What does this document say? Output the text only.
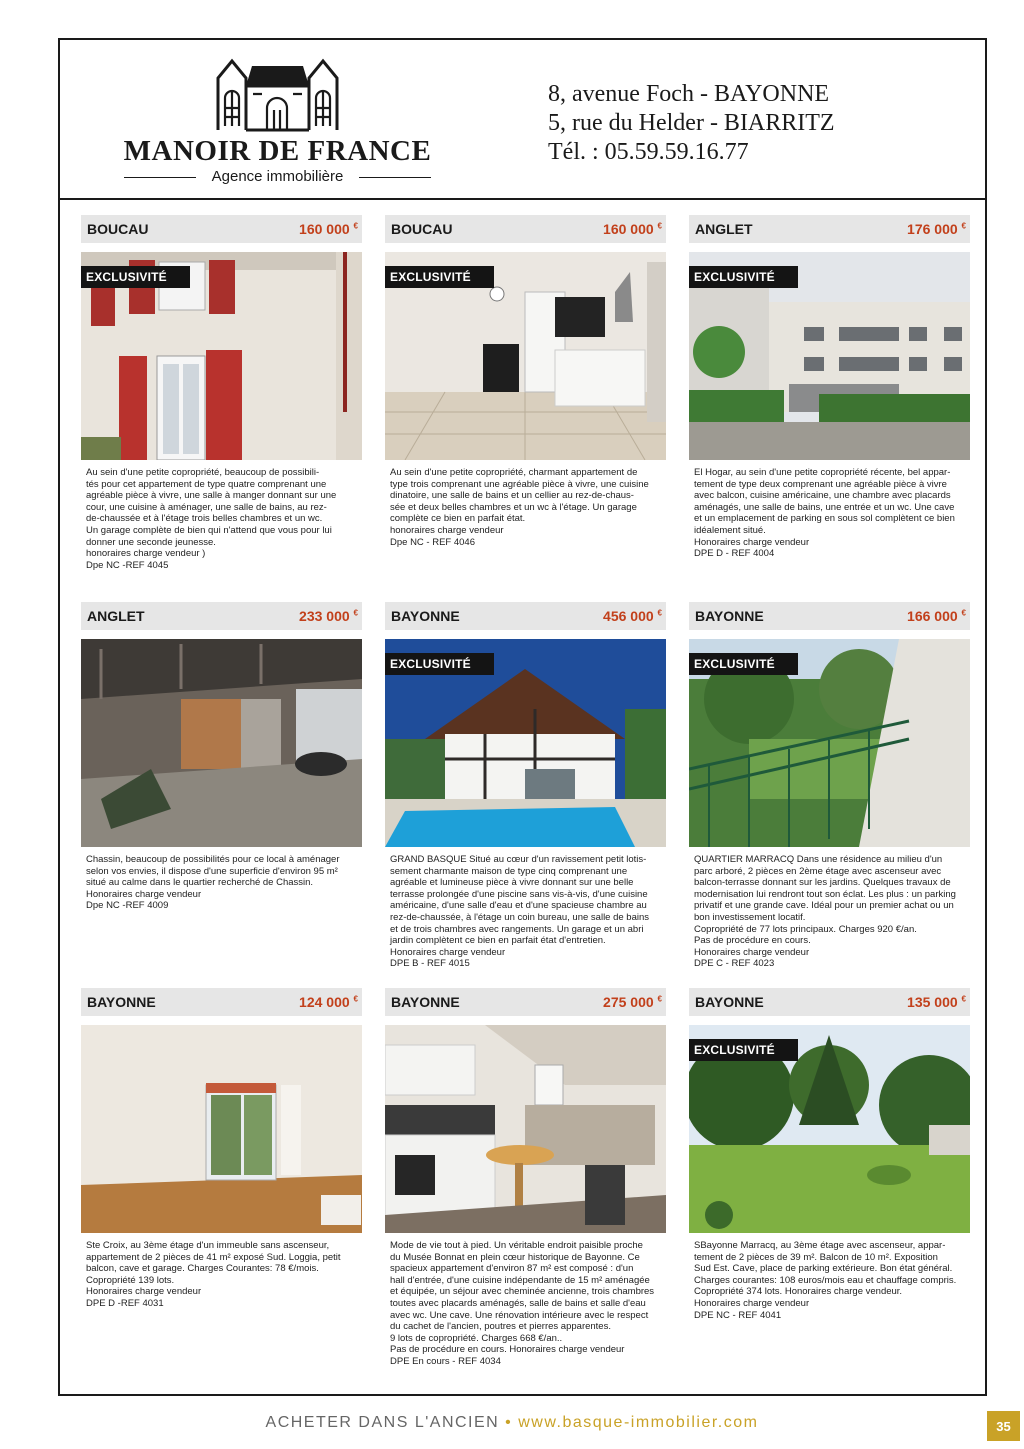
MANOIR DE FRANCE
Agence immobilière
8, avenue Foch - BAYONNE
5, rue du Helder - BIARRITZ
Tél. : 05.59.59.16.77
BOUCAU	160 000 €
EXCLUSIVITÉ
Au sein d'une petite copropriété, beaucoup de possibili-
tés pour cet appartement de type quatre comprenant une
agréable pièce à vivre, une salle à manger donnant sur une
cour, une cuisine à aménager, une salle de bains, au rez-
de-chaussée et à l'étage trois belles chambres et un wc.
Un garage complète de bien qui n'attend que vous pour lui
donner une seconde jeunesse.
honoraires charge vendeur )
Dpe NC -REF 4045
BOUCAU	160 000 €
EXCLUSIVITÉ
Au sein d'une petite copropriété, charmant appartement de
type trois comprenant une agréable pièce à vivre, une cuisine
dinatoire, une salle de bains et un cellier au rez-de-chaus-
sée et deux belles chambres et un wc à l'étage. Un garage
complète ce bien en parfait état.
honoraires charge vendeur
Dpe NC - REF 4046
ANGLET	176 000 €
EXCLUSIVITÉ
El Hogar, au sein d'une petite copropriété récente, bel appar-
tement de type deux comprenant une agréable pièce à vivre
avec balcon, cuisine américaine, une chambre avec placards
aménagés, une salle de bains, une entrée et un wc. Une cave
et un emplacement de parking en sous sol complètent ce bien
idéalement situé.
Honoraires charge vendeur
DPE D - REF 4004
ANGLET	233 000 €
Chassin, beaucoup de possibilités pour ce local à aménager
selon vos envies, il dispose d'une superficie d'environ 95 m²
situé au calme dans le quartier recherché de Chassin.
Honoraires charge vendeur
Dpe NC -REF 4009
BAYONNE	456 000 €
EXCLUSIVITÉ
GRAND BASQUE Situé au cœur d'un ravissement petit lotis-
sement charmante maison de type cinq comprenant une
agréable et lumineuse pièce à vivre donnant sur une belle
terrasse prolongée d'une piscine sans vis-à-vis, d'une cuisine
américaine, d'une salle d'eau et d'une spacieuse chambre au
rez-de-chaussée, à l'étage un coin bureau, une salle de bains
et de trois chambres avec rangements. Un garage et un abri
jardin complètent ce bien en parfait état d'entretien.
Honoraires charge vendeur
DPE B - REF 4015
BAYONNE	166 000 €
EXCLUSIVITÉ
QUARTIER MARRACQ Dans une résidence au milieu d'un
parc arboré, 2 pièces en 2ème étage avec ascenseur avec
balcon-terrasse donnant sur les jardins. Quelques travaux de
modernisation lui rendront tout son éclat. Les plus : un parking
privatif et une grande cave. Idéal pour un premier achat ou un
bon investissement locatif.
Copropriété de 77 lots principaux. Charges 920 €/an.
Pas de procédure en cours.
Honoraires charge vendeur
DPE C - REF 4023
BAYONNE	124 000 €
Ste Croix, au 3ème étage d'un immeuble sans ascenseur,
appartement de 2 pièces de 41 m² exposé Sud. Loggia, petit
balcon, cave et garage. Charges Courantes: 78 €/mois.
Copropriété 139 lots.
Honoraires charge vendeur
DPE D -REF 4031
BAYONNE	275 000 €
Mode de vie tout à pied. Un véritable endroit paisible proche
du Musée Bonnat en plein cœur historique de Bayonne. Ce
spacieux appartement d'environ 87 m² est composé : d'un
hall d'entrée, d'une cuisine indépendante de 15 m² aménagée
et équipée, un séjour avec cheminée ancienne, trois chambres
toutes avec placards aménagés, salle de bains et salle d'eau
avec wc. Une cave. Une rénovation intérieure avec le respect
du cachet de l'ancien, poutres et pierres apparentes.
9 lots de copropriété. Charges 668 €/an..
Pas de procédure en cours. Honoraires charge vendeur
DPE En cours - REF 4034
BAYONNE	135 000 €
EXCLUSIVITÉ
SBayonne Marracq, au 3ème étage avec ascenseur, appar-
tement de 2 pièces de 39 m². Balcon de 10 m². Exposition
Sud Est. Cave, place de parking extérieure. Bon état général.
Charges courantes: 108 euros/mois eau et chauffage compris.
Copropriété 374 lots. Honoraires charge vendeur.
Honoraires charge vendeur
DPE NC - REF 4041
ACHETER DANS L'ANCIEN • www.basque-immobilier.com	35
